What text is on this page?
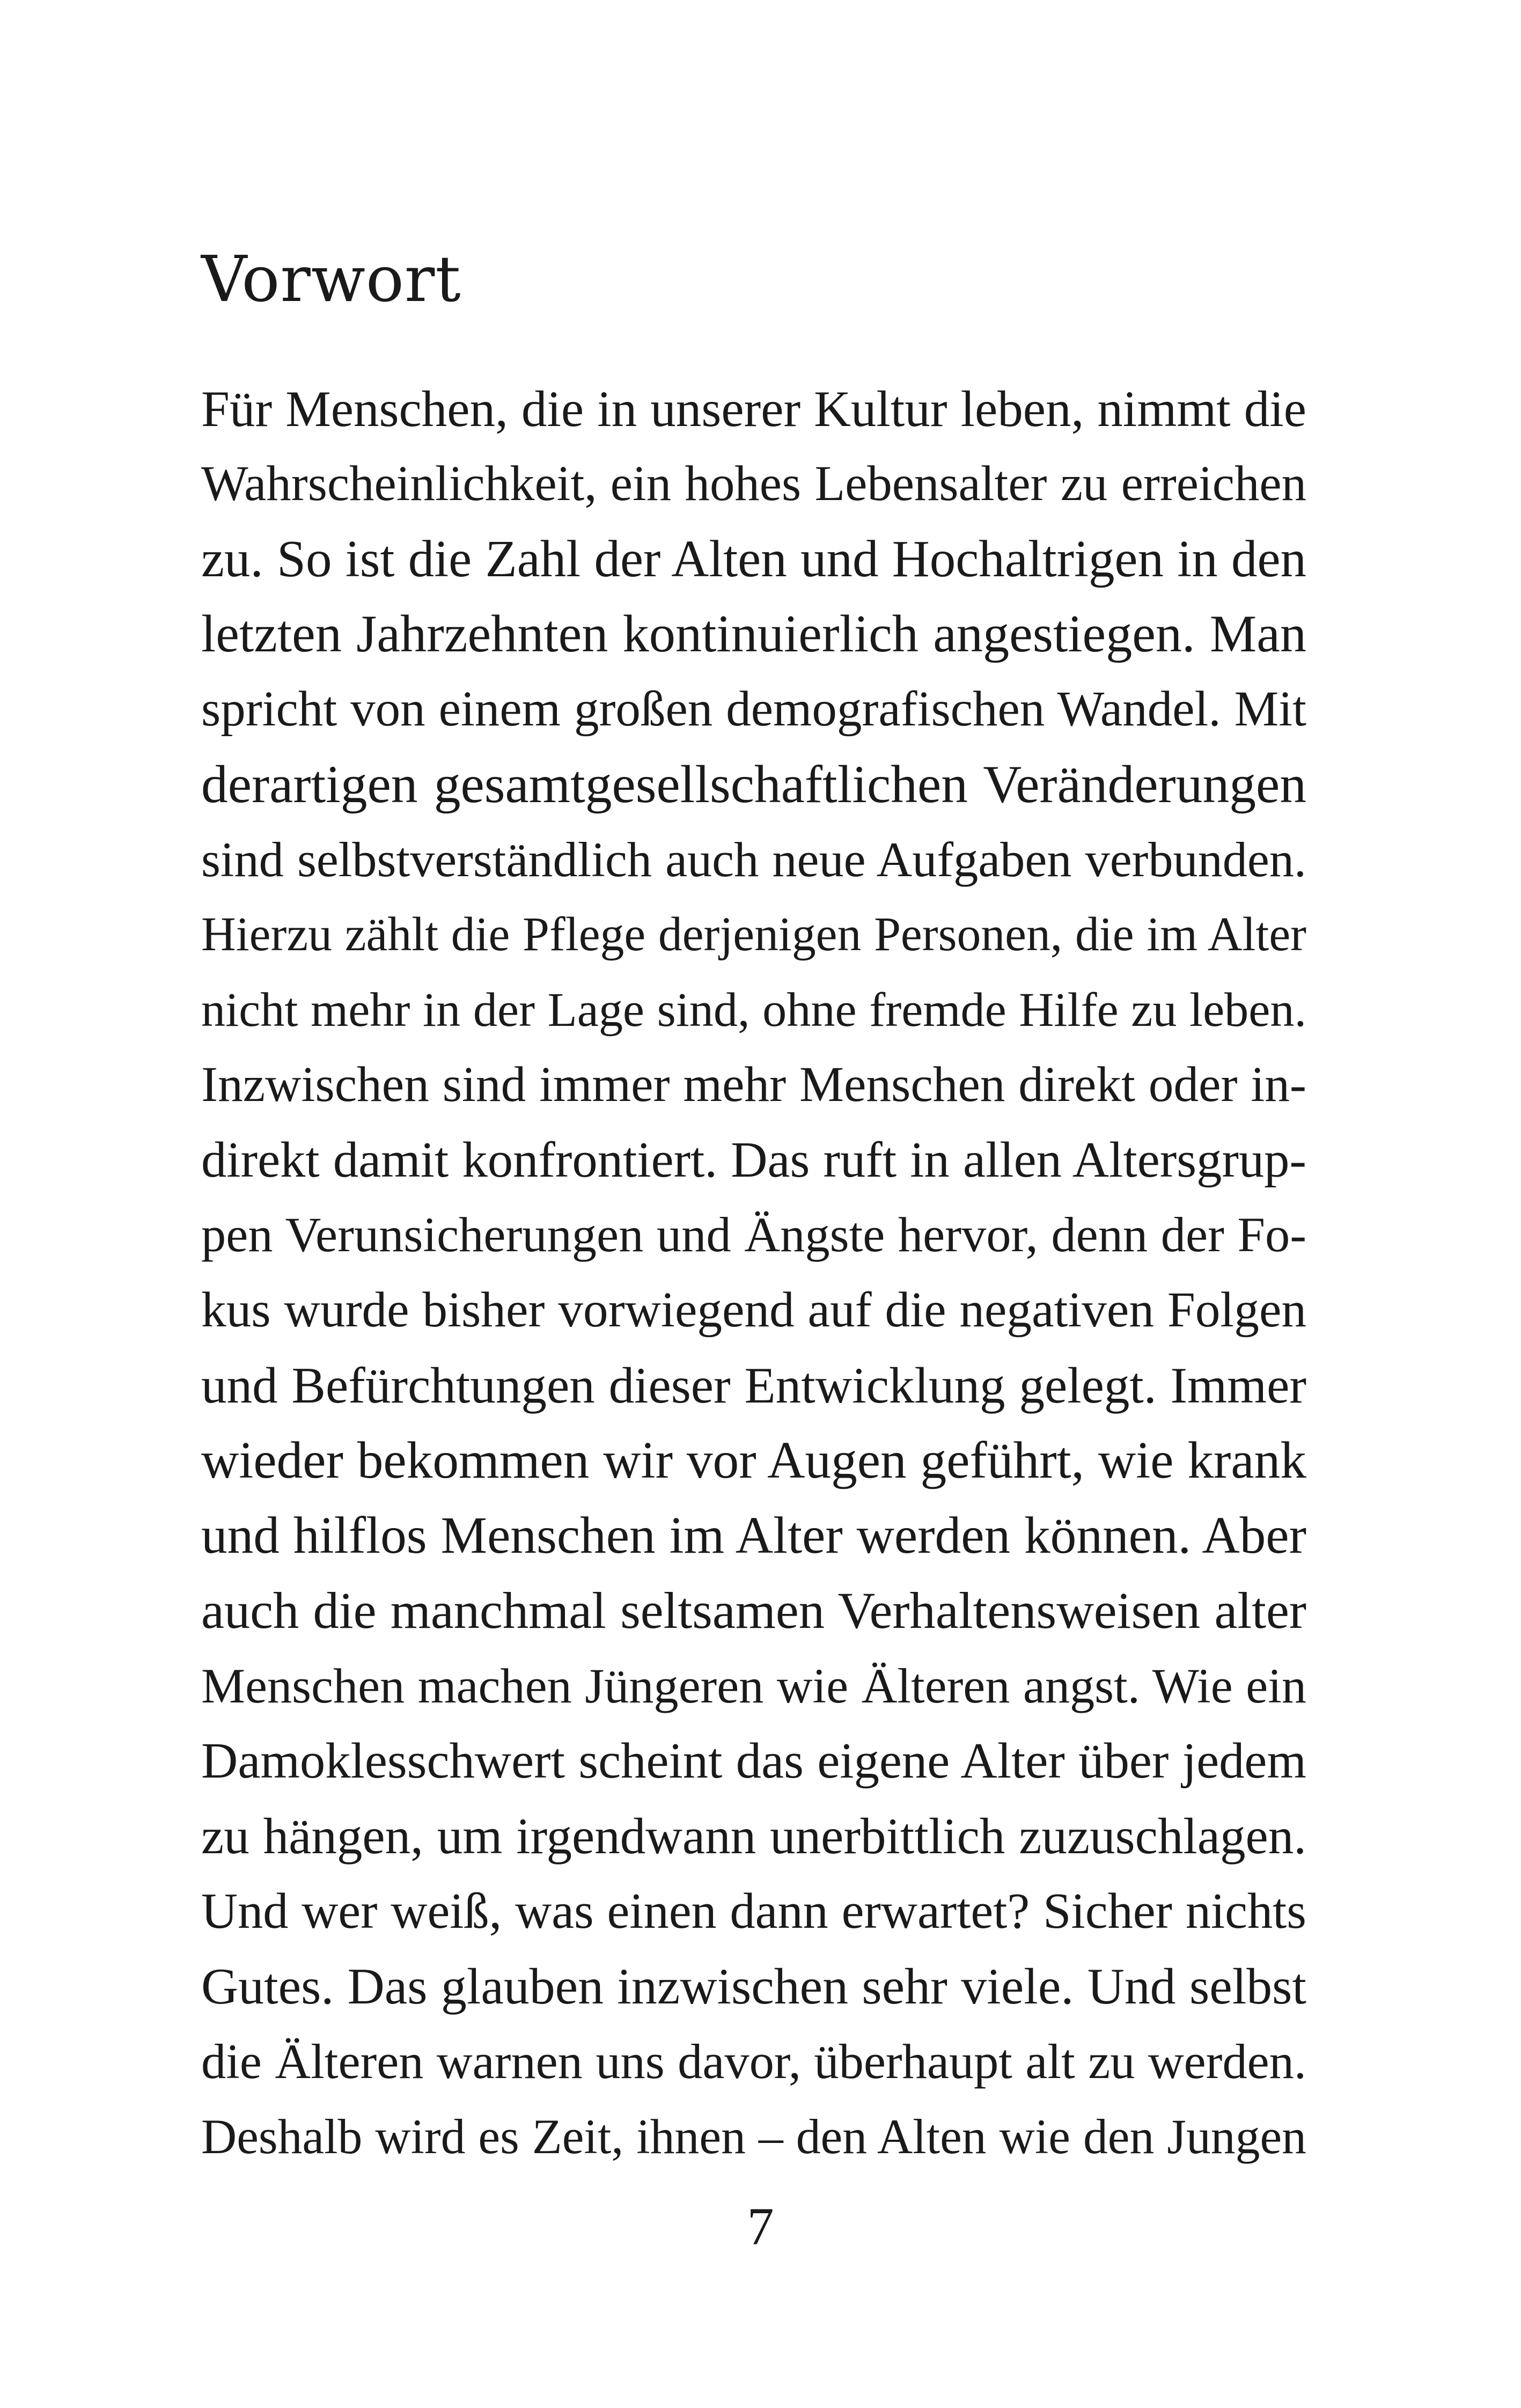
Vorwort
Für Menschen, die in unserer Kultur leben, nimmt die
Wahrscheinlichkeit, ein hohes Lebensalter zu erreichen
zu. So ist die Zahl der Alten und Hochaltrigen in den
letzten Jahrzehnten kontinuierlich angestiegen. Man
spricht von einem großen demografischen Wandel. Mit
derartigen gesamtgesellschaftlichen Veränderungen
sind selbstverständlich auch neue Aufgaben verbunden.
Hierzu zählt die Pflege derjenigen Personen, die im Alter
nicht mehr in der Lage sind, ohne fremde Hilfe zu leben.
Inzwischen sind immer mehr Menschen direkt oder in-
direkt damit konfrontiert. Das ruft in allen Altersgrup-
pen Verunsicherungen und Ängste hervor, denn der Fo-
kus wurde bisher vorwiegend auf die negativen Folgen
und Befürchtungen dieser Entwicklung gelegt. Immer
wieder bekommen wir vor Augen geführt, wie krank
und hilflos Menschen im Alter werden können. Aber
auch die manchmal seltsamen Verhaltensweisen alter
Menschen machen Jüngeren wie Älteren angst. Wie ein
Damoklesschwert scheint das eigene Alter über jedem
zu hängen, um irgendwann unerbittlich zuzuschlagen.
Und wer weiß, was einen dann erwartet? Sicher nichts
Gutes. Das glauben inzwischen sehr viele. Und selbst
die Älteren warnen uns davor, überhaupt alt zu werden.
Deshalb wird es Zeit, ihnen – den Alten wie den Jungen
7
